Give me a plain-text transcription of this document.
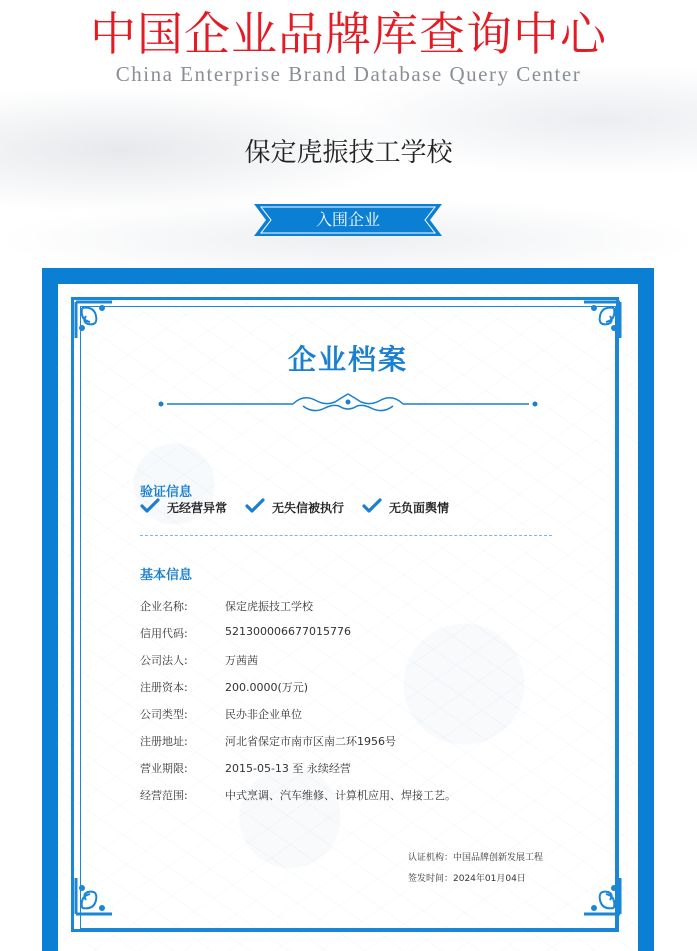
中国企业品牌库查询中心
China Enterprise Brand Database Query Center
保定虎振技工学校
入围企业
企业档案
验证信息
无经营异常	无失信被执行	无负面舆情
基本信息
企业名称:	保定虎振技工学校
信用代码:	521300006677015776
公司法人:	万茜茜
注册资本:	200.0000(万元)
公司类型:	民办非企业单位
注册地址:	河北省保定市南市区南二环1956号
营业期限:	2015-05-13 至 永续经营
经营范围:	中式烹调、汽车维修、计算机应用、焊接工艺。
认证机构：中国品牌创新发展工程
签发时间：2024年01月04日
